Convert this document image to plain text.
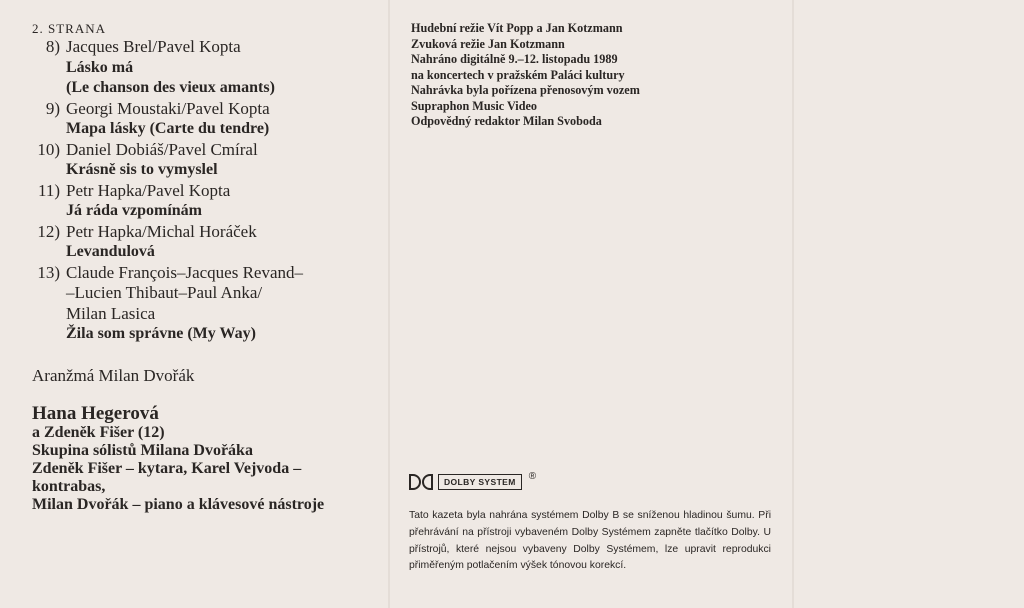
2. STRANA
8) Jacques Brel/Pavel Kopta
Lásko má
(Le chanson des vieux amants)
9) Georgi Moustaki/Pavel Kopta
Mapa lásky (Carte du tendre)
10) Daniel Dobiáš/Pavel Cmíral
Krásně sis to vymyslel
11) Petr Hapka/Pavel Kopta
Já ráda vzpomínám
12) Petr Hapka/Michal Horáček
Levandulová
13) Claude François–Jacques Revand–
–Lucien Thibaut–Paul Anka/
Milan Lasica
Žila som správne (My Way)
Aranžmá Milan Dvořák
Hana Hegerová
a Zdeněk Fišer (12)
Skupina sólistů Milana Dvořáka
Zdeněk Fišer – kytara, Karel Vejvoda –
kontrabas,
Milan Dvořák – piano a klávesové nástroje
Hudební režie Vít Popp a Jan Kotzmann
Zvuková režie Jan Kotzmann
Nahráno digitálně 9.–12. listopadu 1989
na koncertech v pražském Paláci kultury
Nahrávka byla pořízena přenosovým vozem
Supraphon Music Video
Odpovědný redaktor Milan Svoboda
DOLBY SYSTEM
®
Tato kazeta byla nahrána systémem Dolby B se sníženou hladinou šumu. Při přehrávání na přístroji vybaveném Dolby Systémem zapněte tlačítko Dolby. U přístrojů, které nejsou vybaveny Dolby Systémem, lze upravit reprodukci přiměřeným potlačením výšek tónovou korekcí.
